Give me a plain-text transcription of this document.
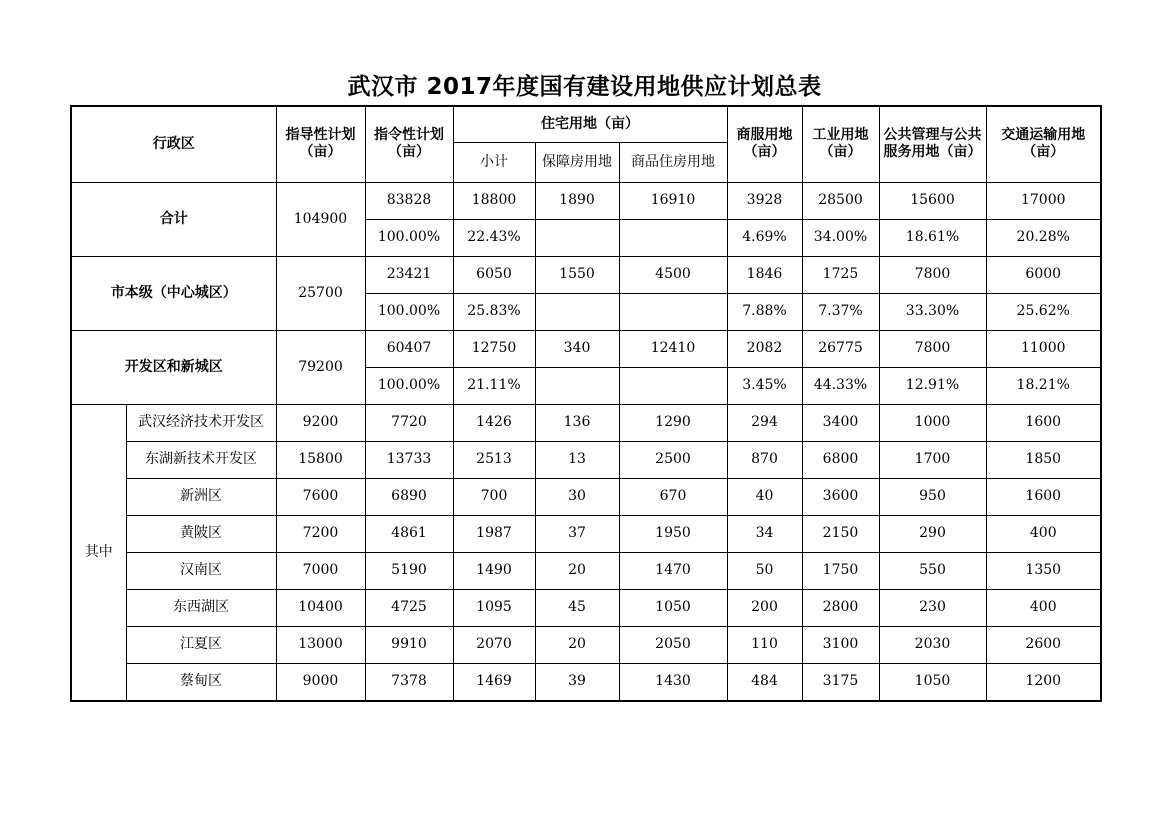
武汉市 2017年度国有建设用地供应计划总表
行政区		指导性计划（亩）	指令性计划（亩）	住宅用地（亩）			商服用地（亩）	工业用地（亩）	公共管理与公共服务用地（亩）	交通运输用地（亩）
				小计	保障房用地	商品住房用地				
合计		104900	83828	18800	1890	16910	3928	28500	15600	17000
			100.00%	22.43%			4.69%	34.00%	18.61%	20.28%
市本级（中心城区）		25700	23421	6050	1550	4500	1846	1725	7800	6000
			100.00%	25.83%			7.88%	7.37%	33.30%	25.62%
开发区和新城区		79200	60407	12750	340	12410	2082	26775	7800	11000
			100.00%	21.11%			3.45%	44.33%	12.91%	18.21%
其中	武汉经济技术开发区	9200	7720	1426	136	1290	294	3400	1000	1600
	东湖新技术开发区	15800	13733	2513	13	2500	870	6800	1700	1850
	新洲区	7600	6890	700	30	670	40	3600	950	1600
	黄陂区	7200	4861	1987	37	1950	34	2150	290	400
	汉南区	7000	5190	1490	20	1470	50	1750	550	1350
	东西湖区	10400	4725	1095	45	1050	200	2800	230	400
	江夏区	13000	9910	2070	20	2050	110	3100	2030	2600
	蔡甸区	9000	7378	1469	39	1430	484	3175	1050	1200
